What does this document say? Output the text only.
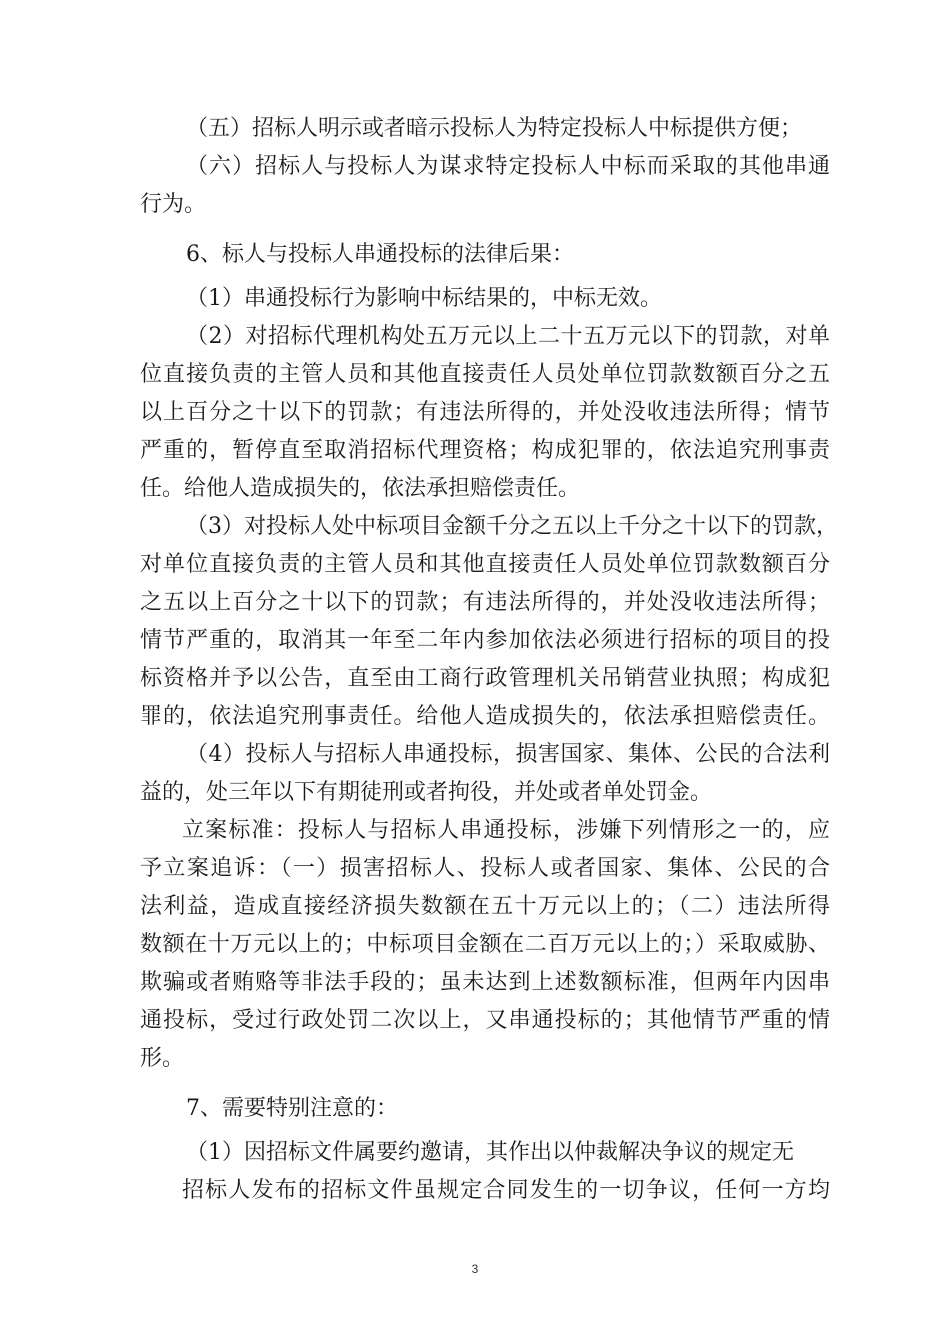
（五）招标人明示或者暗示投标人为特定投标人中标提供方便；
（六）招标人与投标人为谋求特定投标人中标而采取的其他串通
行为。
6、标人与投标人串通投标的法律后果：
（1）串通投标行为影响中标结果的，中标无效。
（2）对招标代理机构处五万元以上二十五万元以下的罚款，对单
位直接负责的主管人员和其他直接责任人员处单位罚款数额百分之五
以上百分之十以下的罚款；有违法所得的，并处没收违法所得；情节
严重的，暂停直至取消招标代理资格；构成犯罪的，依法追究刑事责
任。给他人造成损失的，依法承担赔偿责任。
（3）对投标人处中标项目金额千分之五以上千分之十以下的罚款，
对单位直接负责的主管人员和其他直接责任人员处单位罚款数额百分
之五以上百分之十以下的罚款；有违法所得的，并处没收违法所得；
情节严重的，取消其一年至二年内参加依法必须进行招标的项目的投
标资格并予以公告，直至由工商行政管理机关吊销营业执照；构成犯
罪的，依法追究刑事责任。给他人造成损失的，依法承担赔偿责任。
（4）投标人与招标人串通投标，损害国家、集体、公民的合法利
益的，处三年以下有期徒刑或者拘役，并处或者单处罚金。
立案标准：投标人与招标人串通投标，涉嫌下列情形之一的，应
予立案追诉：（一）损害招标人、投标人或者国家、集体、公民的合
法利益，造成直接经济损失数额在五十万元以上的；（二）违法所得
数额在十万元以上的；中标项目金额在二百万元以上的；）采取威胁、
欺骗或者贿赂等非法手段的；虽未达到上述数额标准，但两年内因串
通投标，受过行政处罚二次以上，又串通投标的；其他情节严重的情
形。
7、需要特别注意的：
（1）因招标文件属要约邀请，其作出以仲裁解决争议的规定无
招标人发布的招标文件虽规定合同发生的一切争议，任何一方均
3
